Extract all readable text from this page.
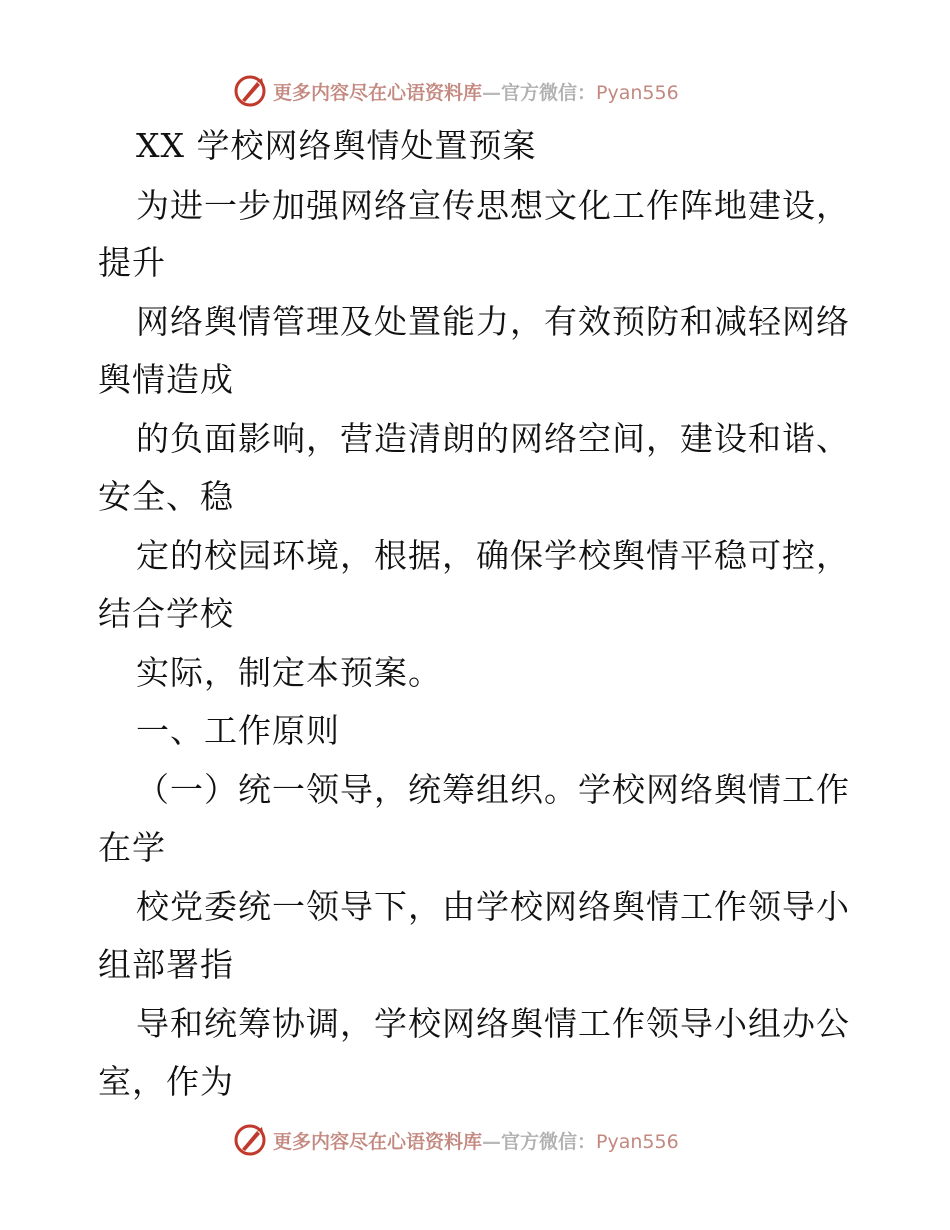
更多内容尽在心语资料库—官方微信：Pyan556
XX 学校网络舆情处置预案
为进一步加强网络宣传思想文化工作阵地建设，
提升
网络舆情管理及处置能力，有效预防和减轻网络
舆情造成
的负面影响，营造清朗的网络空间，建设和谐、
安全、稳
定的校园环境，根据，确保学校舆情平稳可控，
结合学校
实际，制定本预案。
一、工作原则
（一）统一领导，统筹组织。学校网络舆情工作
在学
校党委统一领导下，由学校网络舆情工作领导小
组部署指
导和统筹协调，学校网络舆情工作领导小组办公
室，作为
更多内容尽在心语资料库—官方微信：Pyan556
